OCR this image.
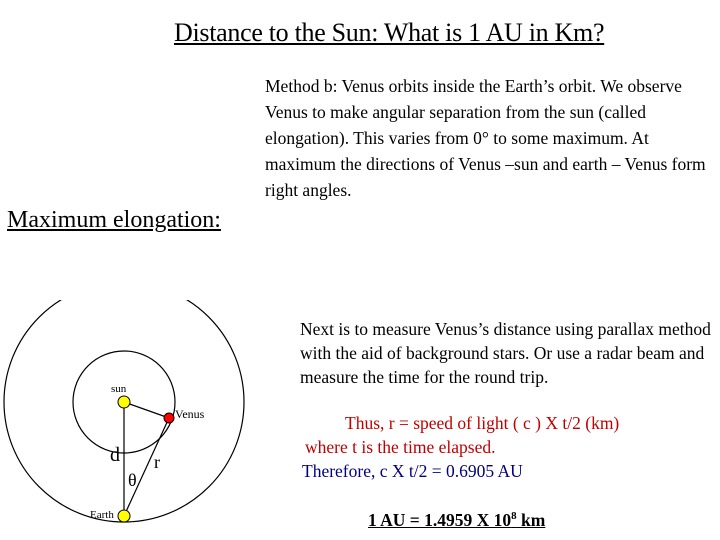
Distance to the Sun: What is 1 AU in Km?
Method b: Venus orbits inside the Earth’s orbit. We observe Venus to make angular separation from the sun (called elongation). This varies from 0° to some maximum. At maximum the directions of Venus –sun and earth – Venus form right angles.
Maximum elongation:
sun
Venus
Earth
d r
θ
Next is to measure Venus’s distance using parallax method with the aid of background stars. Or use a radar beam and measure the time for the round trip.
Thus, r = speed of light ( c ) X t/2 (km)
where t is the time elapsed.
Therefore, c X t/2 = 0.6905 AU
1 AU = 1.4959 X $10^8$ km
